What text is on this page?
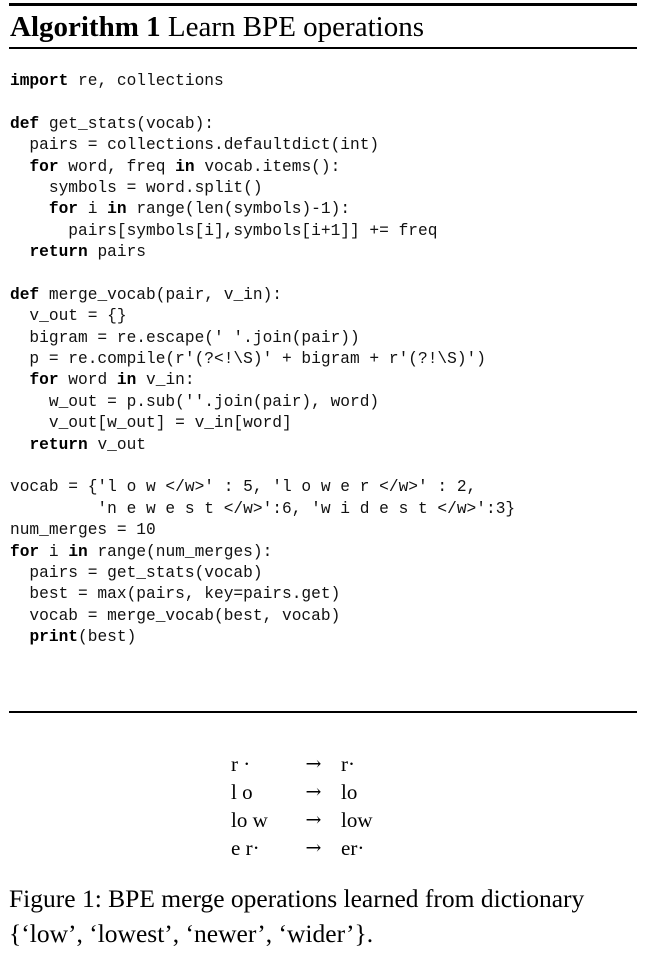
Algorithm 1 Learn BPE operations
import re, collections
def get_stats(vocab):
pairs = collections.defaultdict(int)
for word, freq in vocab.items():
symbols = word.split()
for i in range(len(symbols)-1):
pairs[symbols[i],symbols[i+1]] += freq
return pairs
def merge_vocab(pair, v_in):
v_out = {}
bigram = re.escape(' '.join(pair))
p = re.compile(r'(?<!\S)' + bigram + r'(?!\S)')
for word in v_in:
w_out = p.sub(''.join(pair), word)
v_out[w_out] = v_in[word]
return v_out
vocab = {'l o w </w>' : 5, 'l o w e r </w>' : 2,
'n e w e s t </w>':6, 'w i d e s t </w>':3}
num_merges = 10
for i in range(num_merges):
pairs = get_stats(vocab)
best = max(pairs, key=pairs.get)
vocab = merge_vocab(best, vocab)
print(best)
r ·	→	r·
l o	→	lo
lo w	→	low
e r·	→	er·
Figure 1: BPE merge operations learned from dictionary {‘low’, ‘lowest’, ‘newer’, ‘wider’}.
